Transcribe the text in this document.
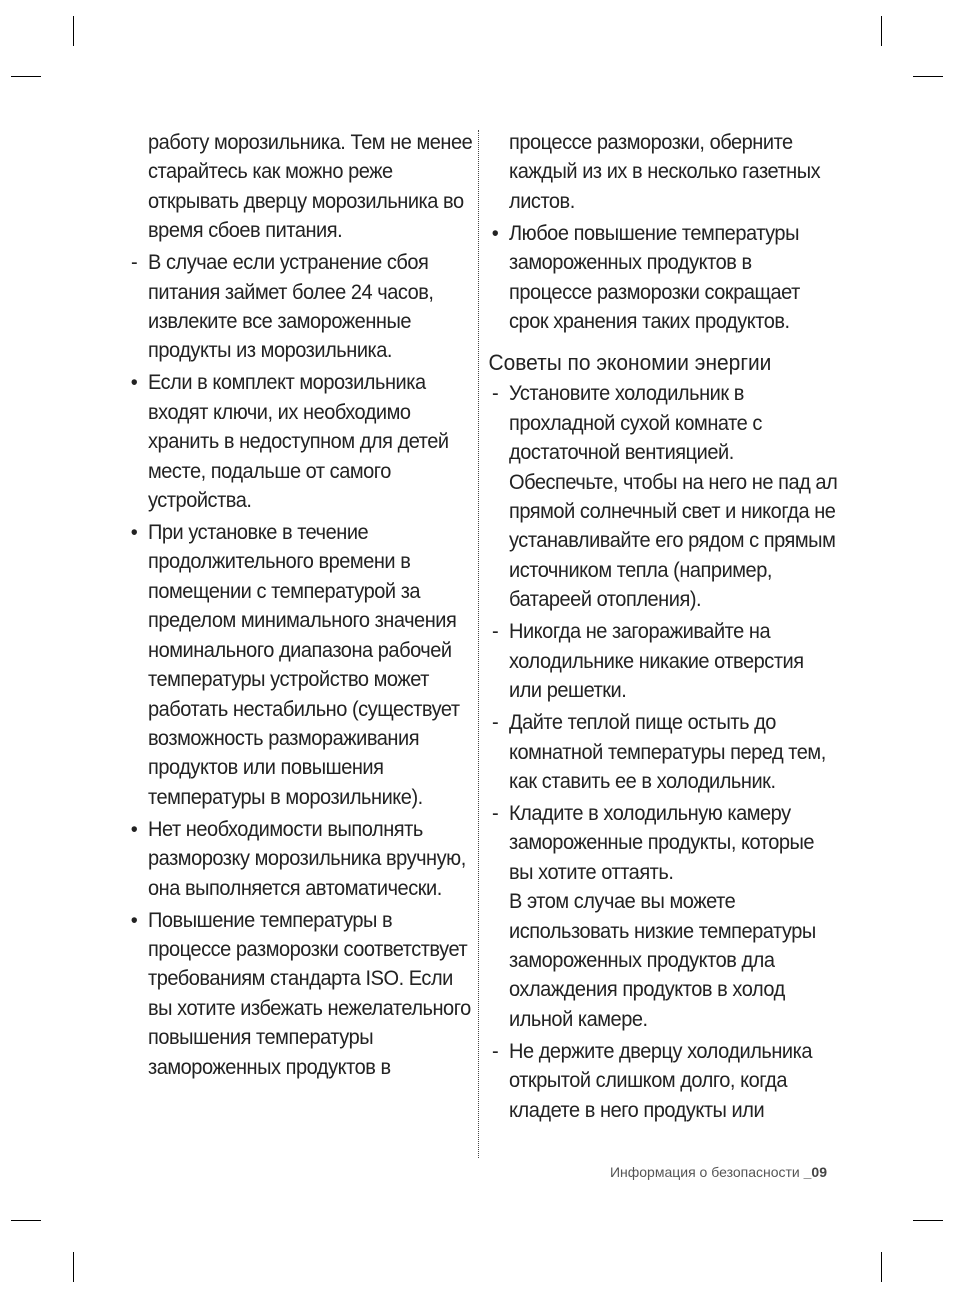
работу морозильника. Тем не менее старайтесь как можно реже открывать дверцу морозильника во время сбоев питания.
- В случае если устранение сбоя питания займет более 24 часов, извлеките все замороженные продукты из морозильника.
• Если в комплект морозильника входят ключи, их необходимо хранить в недоступном для детей месте, подальше от самого устройства.
• При установке в течение продолжительного времени в помещении с температурой за пределом минимального значения номинального диапазона рабочей температуры устройство может работать нестабильно (существует возможность размораживания продуктов или повышения температуры в морозильнике).
• Нет необходимости выполнять разморозку морозильника вручную, она выполняется автоматически.
• Повышение температуры в процессе разморозки соответствует требованиям стандарта ISO. Если вы хотите избежать нежелательного повышения температуры замороженных продуктов в
процессе разморозки, оберните каждый из их в несколько газетных листов.
• Любое повышение температуры замороженных продуктов в процессе разморозки сокращает срок хранения таких продуктов.
Советы по экономии энергии
- Установите холодильник в прохладной сухой комнате с достаточной вентияцией.
Обеспечьте, чтобы на него не пад ал прямой солнечный свет и никогда не устанавливайте его рядом с прямым источником тепла (например, батареей отопления).
- Никогда не загораживайте на холодильнике никакие отверстия или решетки.
- Дайте теплой пище остыть до комнатной температуры перед тем, как ставить ее в холодильник.
- Кладите в холодильную камеру замороженные продукты, которые вы хотите оттаять.
В этом случае вы можете использовать низкие температуры замороженных продуктов дла охлаждения продуктов в холод ильной камере.
- Не держите дверцу холодильника открытой слишком долго, когда кладете в него продукты или
Информация о безопасности _09
